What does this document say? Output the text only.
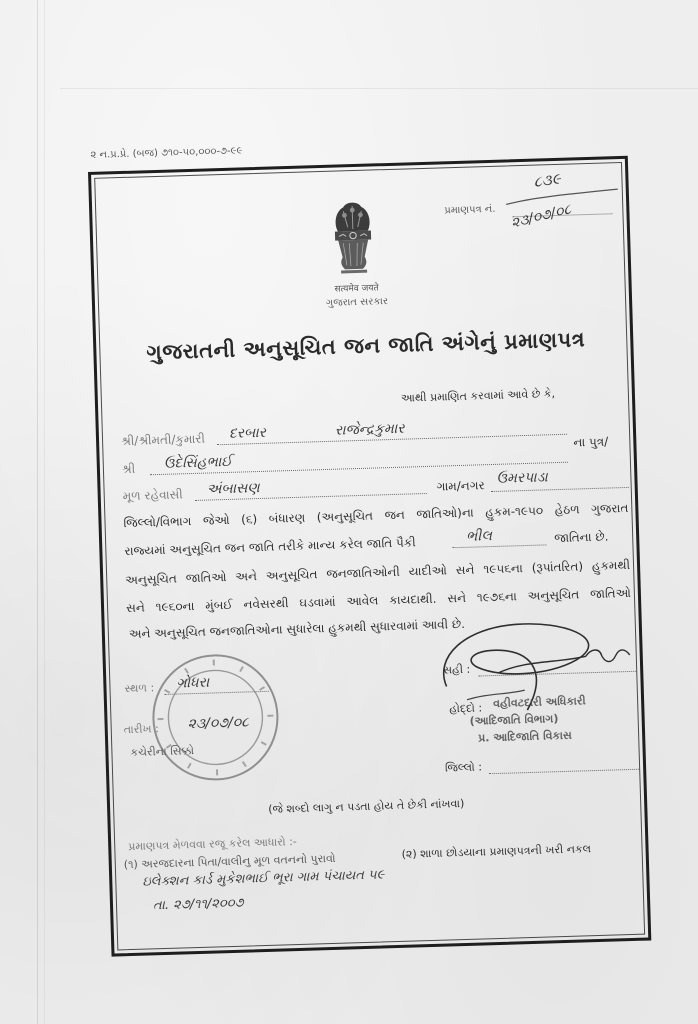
૨ ન.પ્ર.પ્રે. (બજ) ૭૧૦-૫૦,૦૦૦-૭-૯૯
सत्यमेव जयते
ગુજરાત સરકાર
પ્રમાણપત્ર નં.
૮૩૯
૨૩/૦૭/૦૮
ગુજરાતની અનુસૂચિત જન જાતિ અંગેનું પ્રમાણપત્ર
આથી પ્રમાણિત કરવામાં આવે છે કે,
શ્રી/શ્રીમતી/કુમારી દરબાર	રાજેન્દ્રકુમાર
ના પુત્ર/
શ્રી ઉદેસિંહભાઈ
મૂળ રહેવાસી અંબાસણ	ગામ/નગર ઉમરપાડા
જિલ્લો/વિભાગ જેઓ (૬) બંધારણ (અનુસૂચિત જન જાતિઓ)ના હુકમ-૧૯૫૦ હેઠળ ગુજરાત
રાજ્યમાં અનુસૂચિત જન જાતિ તરીકે માન્ય કરેલ જાતિ પૈકી	ભીલ	જાતિના છે.
અનુસૂચિત જાતિઓ અને અનુસૂચિત જનજાતિઓની યાદીઓ સને ૧૯૫૬ના (રૂપાંતરિત) હુકમથી
સને ૧૯૬૦ના મુંબઈ નવેસરથી ઘડવામાં આવેલ કાયદાથી. સને ૧૯૭૬ના અનુસૂચિત જાતિઓ
અને અનુસૂચિત જનજાતિઓના સુધારેલા હુકમથી સુધારવામાં આવી છે.
સ્થળ : ગોધરા
તારીખ : ૨૩/૦૭/૦૮
કચેરીના સિક્કો
સહી :
હોદ્દો : વહીવટદારી અધિકારી
(આદિજાતિ વિભાગ)
પ્ર. આદિજાતિ વિકાસ
જિલ્લો :
(જે શબ્દો લાગુ ન પડતા હોય તે છેકી નાંખવા)
પ્રમાણપત્ર મેળવવા રજૂ કરેલ આધારો :-
(૧) અરજદારના પિતા/વાલીનુ મૂળ વતનનો પુરાવો
(૨) શાળા છોડયાના પ્રમાણપત્રની ખરી નકલ
ઇલેક્શન કાર્ડ મુકેશભાઈ ભૂરા ગામ પંચાયત ૫૯
તા. ૨૭/૧૧/૨૦૦૭
